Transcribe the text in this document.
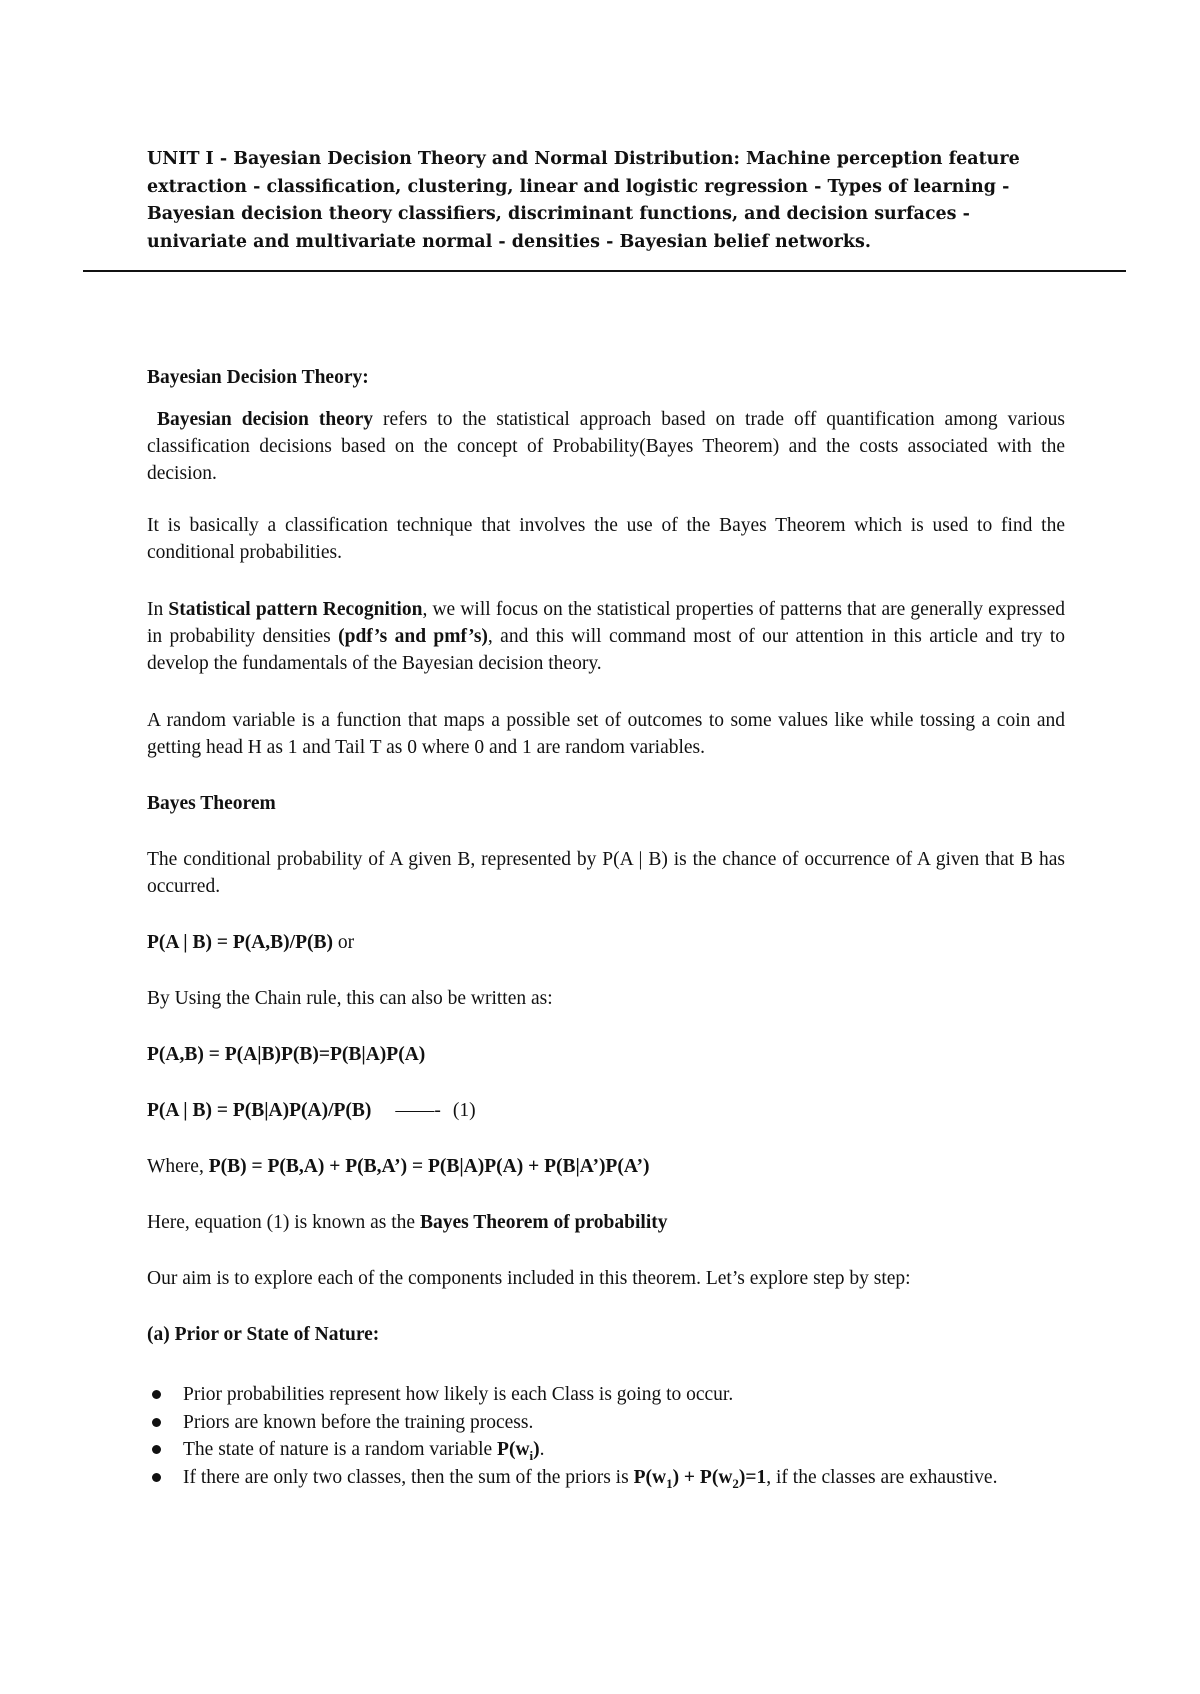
UNIT I - Bayesian Decision Theory and Normal Distribution: Machine perception feature extraction - classification, clustering, linear and logistic regression - Types of learning - Bayesian decision theory classifiers, discriminant functions, and decision surfaces -univariate and multivariate normal - densities - Bayesian belief networks.

Bayesian Decision Theory:

Bayesian decision theory refers to the statistical approach based on trade off quantification among various classification decisions based on the concept of Probability(Bayes Theorem) and the costs associated with the decision.

It is basically a classification technique that involves the use of the Bayes Theorem which is used to find the conditional probabilities.

In Statistical pattern Recognition, we will focus on the statistical properties of patterns that are generally expressed in probability densities (pdf’s and pmf’s), and this will command most of our attention in this article and try to develop the fundamentals of the Bayesian decision theory.

A random variable is a function that maps a possible set of outcomes to some values like while tossing a coin and getting head H as 1 and Tail T as 0 where 0 and 1 are random variables.

Bayes Theorem

The conditional probability of A given B, represented by P(A | B) is the chance of occurrence of A given that B has occurred.

P(A | B) = P(A,B)/P(B) or

By Using the Chain rule, this can also be written as:

P(A,B) = P(A|B)P(B)=P(B|A)P(A)

P(A | B) = P(B|A)P(A)/P(B) ——- (1)

Where, P(B) = P(B,A) + P(B,A’) = P(B|A)P(A) + P(B|A’)P(A’)

Here, equation (1) is known as the Bayes Theorem of probability

Our aim is to explore each of the components included in this theorem. Let’s explore step by step:

(a) Prior or State of Nature:

Prior probabilities represent how likely is each Class is going to occur.
Priors are known before the training process.
The state of nature is a random variable $P(w_i)$.
If there are only two classes, then the sum of the priors is $P(w_1) + P(w_2)=1$, if the classes are exhaustive.
